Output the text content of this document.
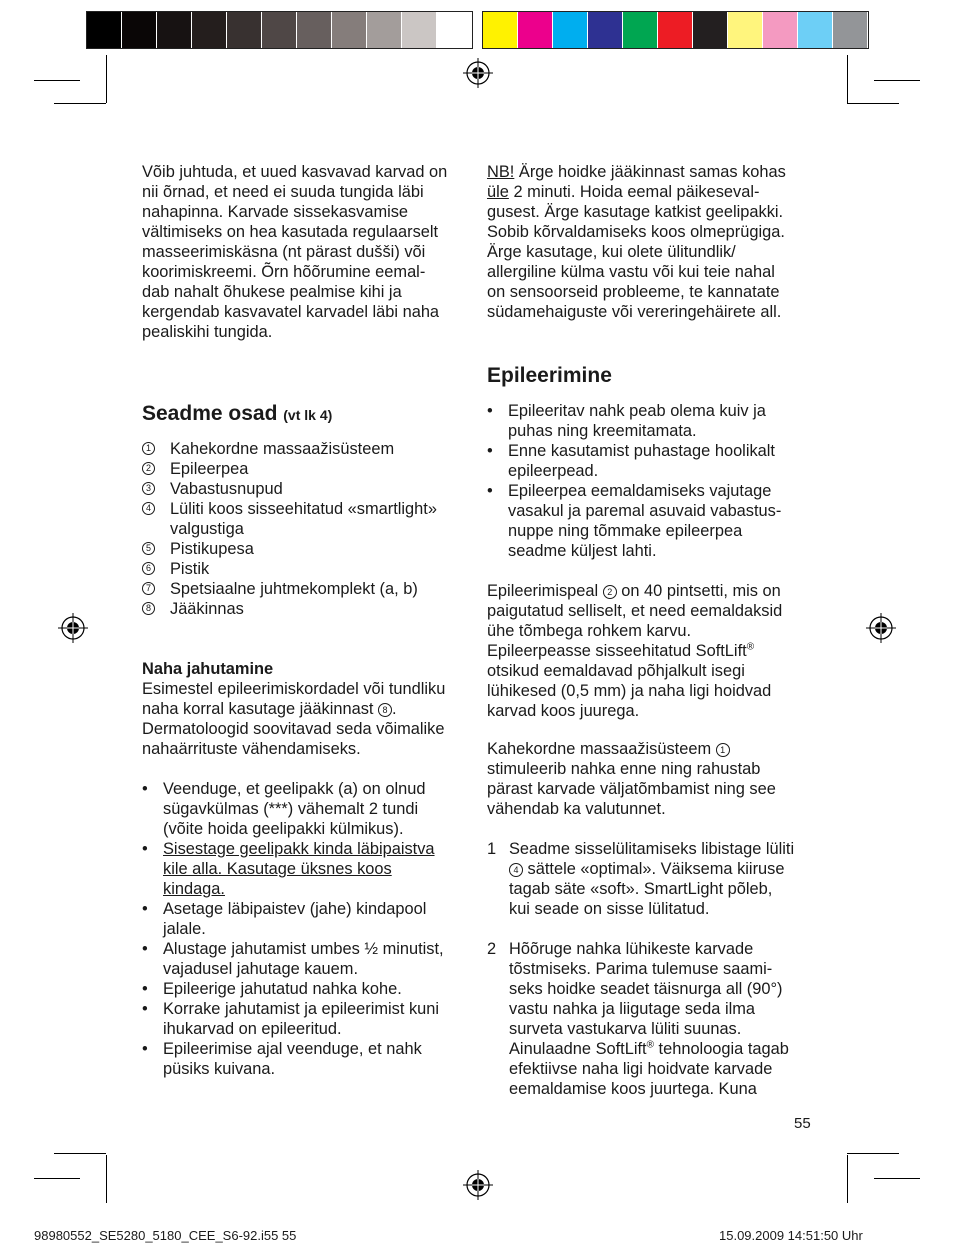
Võib juhtuda, et uued kasvavad karvad on
nii õrnad, et need ei suuda tungida läbi
nahapinna. Karvade sissekasvamise
vältimiseks on hea kasutada regulaarselt
masseerimiskäsna (nt pärast dušši) või
koorimiskreemi. Õrn hõõrumine eemal-
dab nahalt õhukese pealmise kihi ja
kergendab kasvavatel karvadel läbi naha
pealiskihi tungida.

Seadme osad (vt lk 4)
1 Kahekordne massaažisüsteem
2 Epileerpea
3 Vabastusnupud
4 Lüliti koos sisseehitatud «smartlight»
valgustiga
5 Pistikupesa
6 Pistik
7 Spetsiaalne juhtmekomplekt (a, b)
8 Jääkinnas
Naha jahutamine

Esimestel epileerimiskordadel või tundliku
naha korral kasutage jääkinnast 8 .
Dermatoloogid soovitavad seda võimalike
nahaärrituste vähendamiseks.

• Veenduge, et geelipakk (a) on olnud
sügavkülmas (***) vähemalt 2 tundi
(võite hoida geelipakki külmikus).
• Sisestage geelipakk kinda läbipaistva
kile alla. Kasutage üksnes koos
kindaga.
• Asetage läbipaistev (jahe) kindapool
jalale.
• Alustage jahutamist umbes ½ minutist,
vajadusel jahutage kauem.
• Epileerige jahutatud nahka kohe.
• Korrake jahutamist ja epileerimist kuni
ihukarvad on epileeritud.
• Epileerimise ajal veenduge, et nahk
püsiks kuivana.

NB! Ärge hoidke jääkinnast samas kohas
üle 2 minuti. Hoida eemal päikeseval-
gusest. Ärge kasutage katkist geelipakki.
Sobib kõrvaldamiseks koos olmeprügiga.
Ärge kasutage, kui olete ülitundlik/
allergiline külma vastu või kui teie nahal
on sensoorseid probleeme, te kannatate
südamehaiguste või vereringehäirete all.

Epileerimine
• Epileeritav nahk peab olema kuiv ja
puhas ning kreemitamata.
• Enne kasutamist puhastage hoolikalt
epileerpead.
• Epileerpea eemaldamiseks vajutage
vasakul ja paremal asuvaid vabastus-
nuppe ning tõmmake epileerpea
seadme küljest lahti.

Epileerimispeal 2 on 40 pintsetti, mis on
paigutatud selliselt, et need eemaldaksid
ühe tõmbega rohkem karvu.
Epileerpeasse sisseehitatud SoftLift®
otsikud eemaldavad põhjalkult isegi
lühikesed (0,5 mm) ja naha ligi hoidvad
karvad koos juurega.

Kahekordne massaažisüsteem 1
stimuleerib nahka enne ning rahustab
pärast karvade väljatõmbamist ning see
vähendab ka valutunnet.

1 Seadme sisselülitamiseks libistage lüliti
4 sättele «optimal». Väiksema kiiruse
tagab säte «soft». SmartLight põleb,
kui seade on sisse lülitatud.
2 Hõõruge nahka lühikeste karvade
tõstmiseks. Parima tulemuse saami-
seks hoidke seadet täisnurga all (90°)
vastu nahka ja liigutage seda ilma
surveta vastukarva lüliti suunas.
Ainulaadne SoftLift® tehnoloogia tagab
efektiivse naha ligi hoidvate karvade
eemaldamise koos juurtega. Kuna
55
98980552_SE5280_5180_CEE_S6-92.i55 55	15.09.2009 14:51:50 Uhr
